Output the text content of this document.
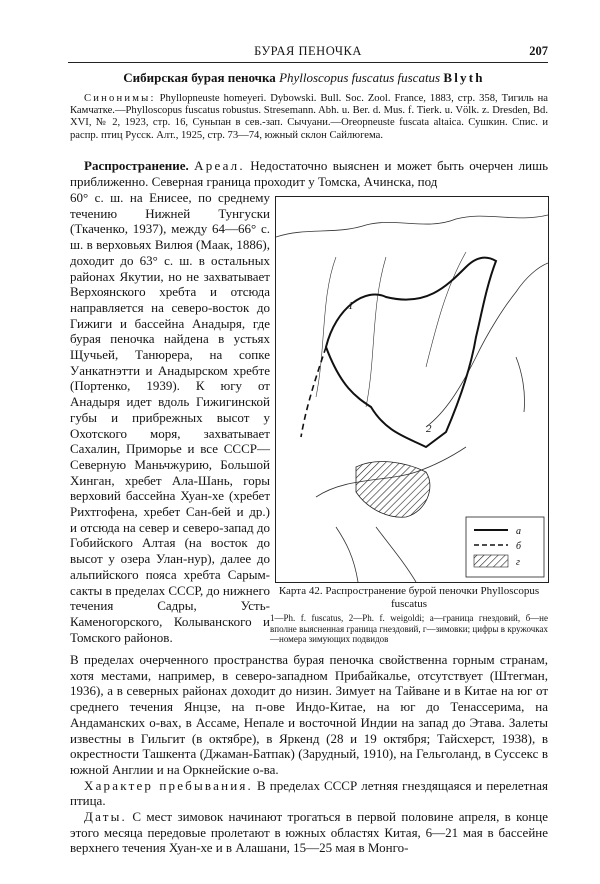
БУРАЯ ПЕНОЧКА	207
Сибирская бурая пеночка Phylloscopus fuscatus fuscatus Blyth
Синонимы: Phyllopneuste homeyeri. Dybowski. Bull. Soc. Zool. France, 1883, стр. 358, Тигиль на Камчатке.—Phylloscopus fuscatus robustus. Stresemann. Abh. u. Ber. d. Mus. f. Tierk. u. Völk. z. Dresden, Bd. XVI, № 2, 1923, стр. 16, Суньпан в сев.-зап. Сычуани.—Oreopneuste fuscata altaica. Сушкин. Спис. и распр. птиц Русск. Алт., 1925, стр. 73—74, южный склон Сайлюгема.
Распространение. Ареал. Недостаточно выяснен и может быть очерчен лишь приближенно. Северная граница проходит у Томска, Ачинска, под
60° с. ш. на Енисее, по среднему течению Нижней Тунгуски (Ткаченко, 1937), между 64—66° с. ш. в верховьях Вилюя (Маак, 1886), доходит до 63° с. ш. в остальных районах Якутии, но не захватывает Верхоянского хребта и отсюда направляется на северо-восток до Гижиги и бассейна Анадыря, где бурая пеночка найдена в устьях Щучьей, Танюрера, на сопке Уанкатнэтти и Анадырском хребте (Портенко, 1939). К югу от Анадыря идет вдоль Гижигинской губы и прибрежных высот у Охотского моря, захватывает Сахалин, Приморье и все СССР—Северную Маньчжурию, Большой Хинган, хребет Ала-Шань, горы верховий бассейна Хуан-хе (хребет Рихтгофена, хребет Сан-бей и др.) и отсюда на север и северо-запад до Гобийского Алтая (на восток до высот у озера Улан-нур), далее до альпийского пояса хребта Сарым-сакты в пределах СССР, до нижнего течения Садры, Усть-Каменогорского, Колыванского и Томского районов.
1
2
а
б
г
Карта 42. Распространение бурой пеночки Phylloscopus fuscatus
1—Ph. f. fuscatus, 2—Ph. f. weigoldi; а—граница гнездовий, б—не вполне выясненная граница гнездовий, г—зимовки; цифры в кружочках—номера зимующих подвидов
В пределах очерченного пространства бурая пеночка свойственна горным странам, хотя местами, например, в северо-западном Прибайкалье, отсутствует (Штегман, 1936), а в северных районах доходит до низин. Зимует на Тайване и в Китае на юг от среднего течения Янцзе, на п-ове Индо-Китае, на юг до Тенассерима, на Андаманских о-вах, в Ассаме, Непале и восточной Индии на запад до Этава. Залеты известны в Гильгит (в октябре), в Яркенд (28 и 19 октября; Тайсхерст, 1938), в окрестности Ташкента (Джаман-Батпак) (Зарудный, 1910), на Гельголанд, в Суссекс в южной Англии и на Оркнейские о-ва.
Характер пребывания. В пределах СССР летняя гнездящаяся и перелетная птица.
Даты. С мест зимовок начинают трогаться в первой половине апреля, в конце этого месяца передовые пролетают в южных областях Китая, 6—21 мая в бассейне верхнего течения Хуан-хе и в Алашани, 15—25 мая в Монго-
